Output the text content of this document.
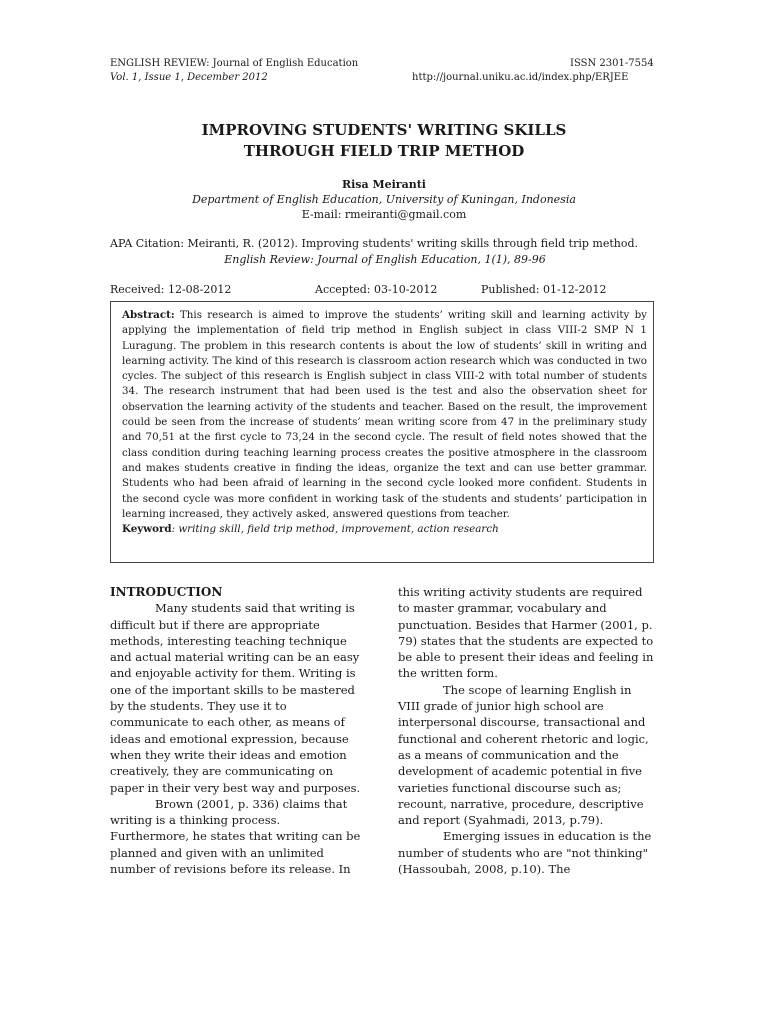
ENGLISH REVIEW: Journal of English Education	ISSN 2301-7554
Vol. 1, Issue 1, December 2012	http://journal.uniku.ac.id/index.php/ERJEE
IMPROVING STUDENTS' WRITING SKILLS
THROUGH FIELD TRIP METHOD
Risa Meiranti
Department of English Education, University of Kuningan, Indonesia
E-mail: rmeiranti@gmail.com
APA Citation: Meiranti, R. (2012). Improving students' writing skills through field trip method.
English Review: Journal of English Education, 1(1), 89-96
Received: 12-08-2012	Accepted: 03-10-2012	Published: 01-12-2012
Abstract: This research is aimed to improve the students’ writing skill and learning activity by applying the implementation of field trip method in English subject in class VIII-2 SMP N 1 Luragung. The problem in this research contents is about the low of students’ skill in writing and learning activity. The kind of this research is classroom action research which was conducted in two cycles. The subject of this research is English subject in class VIII-2 with total number of students 34. The research instrument that had been used is the test and also the observation sheet for observation the learning activity of the students and teacher. Based on the result, the improvement could be seen from the increase of students’ mean writing score from 47 in the preliminary study and 70,51 at the first cycle to 73,24 in the second cycle. The result of field notes showed that the class condition during teaching learning process creates the positive atmosphere in the classroom and makes students creative in finding the ideas, organize the text and can use better grammar. Students who had been afraid of learning in the second cycle looked more confident. Students in the second cycle was more confident in working task of the students and students’ participation in learning increased, they actively asked, answered questions from teacher.
Keyword: writing skill, field trip method, improvement, action research

INTRODUCTION

Many students said that writing is difficult but if there are appropriate methods, interesting teaching technique and actual material writing can be an easy and enjoyable activity for them. Writing is one of the important skills to be mastered by the students. They use it to communicate to each other, as means of ideas and emotional expression, because when they write their ideas and emotion creatively, they are communicating on paper in their very best way and purposes.

Brown (2001, p. 336) claims that writing is a thinking process. Furthermore, he states that writing can be planned and given with an unlimited number of revisions before its release. In

this writing activity students are required to master grammar, vocabulary and punctuation. Besides that Harmer (2001, p. 79) states that the students are expected to be able to present their ideas and feeling in the written form.

The scope of learning English in VIII grade of junior high school are interpersonal discourse, transactional and functional and coherent rhetoric and logic, as a means of communication and the development of academic potential in five varieties functional discourse such as; recount, narrative, procedure, descriptive and report (Syahmadi, 2013, p.79).

Emerging issues in education is the number of students who are "not thinking" (Hassoubah, 2008, p.10). The
